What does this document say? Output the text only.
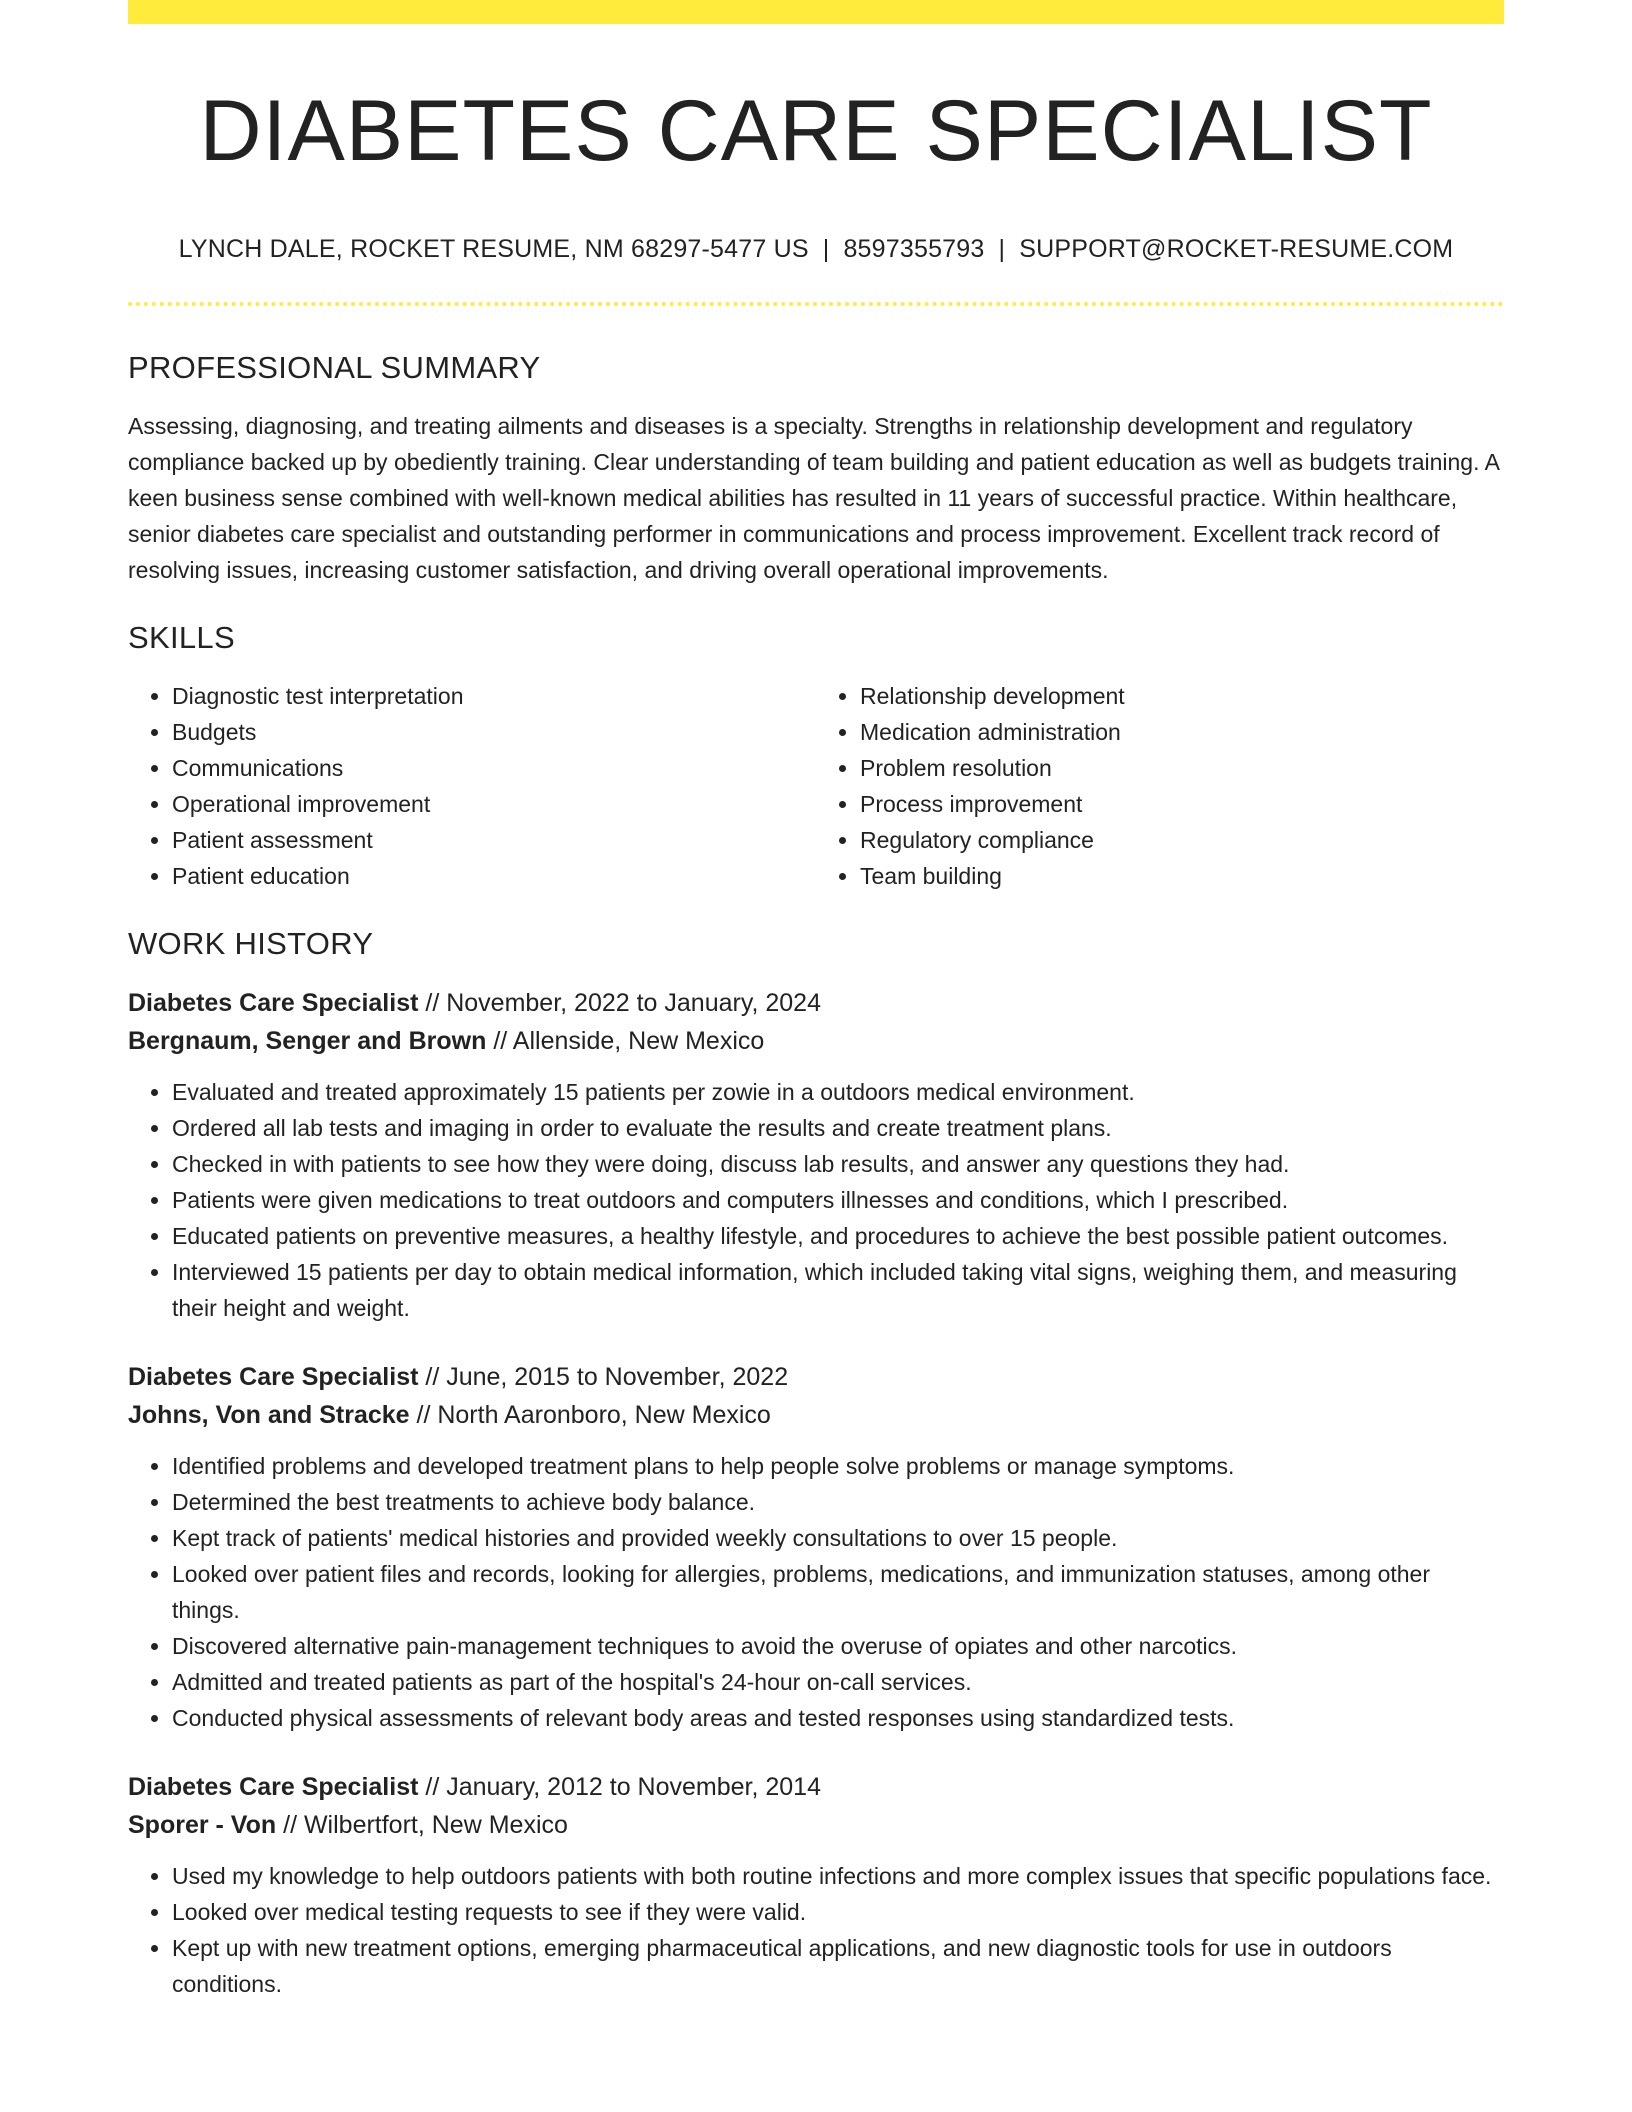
DIABETES CARE SPECIALIST
LYNCH DALE, ROCKET RESUME, NM 68297-5477 US | 8597355793 | SUPPORT@ROCKET-RESUME.COM
PROFESSIONAL SUMMARY

Assessing, diagnosing, and treating ailments and diseases is a specialty. Strengths in relationship development and regulatory compliance backed up by obediently training. Clear understanding of team building and patient education as well as budgets training. A keen business sense combined with well-known medical abilities has resulted in 11 years of successful practice. Within healthcare, senior diabetes care specialist and outstanding performer in communications and process improvement. Excellent track record of resolving issues, increasing customer satisfaction, and driving overall operational improvements.

SKILLS
• Diagnostic test interpretation
• Budgets
• Communications
• Operational improvement
• Patient assessment
• Patient education
• Relationship development
• Medication administration
• Problem resolution
• Process improvement
• Regulatory compliance
• Team building
WORK HISTORY

Diabetes Care Specialist // November, 2022 to January, 2024

Bergnaum, Senger and Brown // Allenside, New Mexico

• Evaluated and treated approximately 15 patients per zowie in a outdoors medical environment.
• Ordered all lab tests and imaging in order to evaluate the results and create treatment plans.
• Checked in with patients to see how they were doing, discuss lab results, and answer any questions they had.
• Patients were given medications to treat outdoors and computers illnesses and conditions, which I prescribed.
• Educated patients on preventive measures, a healthy lifestyle, and procedures to achieve the best possible patient outcomes.
• Interviewed 15 patients per day to obtain medical information, which included taking vital signs, weighing them, and measuring their height and weight.

Diabetes Care Specialist // June, 2015 to November, 2022

Johns, Von and Stracke // North Aaronboro, New Mexico

• Identified problems and developed treatment plans to help people solve problems or manage symptoms.
• Determined the best treatments to achieve body balance.
• Kept track of patients' medical histories and provided weekly consultations to over 15 people.
• Looked over patient files and records, looking for allergies, problems, medications, and immunization statuses, among other things.
• Discovered alternative pain-management techniques to avoid the overuse of opiates and other narcotics.
• Admitted and treated patients as part of the hospital's 24-hour on-call services.
• Conducted physical assessments of relevant body areas and tested responses using standardized tests.

Diabetes Care Specialist // January, 2012 to November, 2014

Sporer - Von // Wilbertfort, New Mexico

• Used my knowledge to help outdoors patients with both routine infections and more complex issues that specific populations face.
• Looked over medical testing requests to see if they were valid.
• Kept up with new treatment options, emerging pharmaceutical applications, and new diagnostic tools for use in outdoors conditions.
